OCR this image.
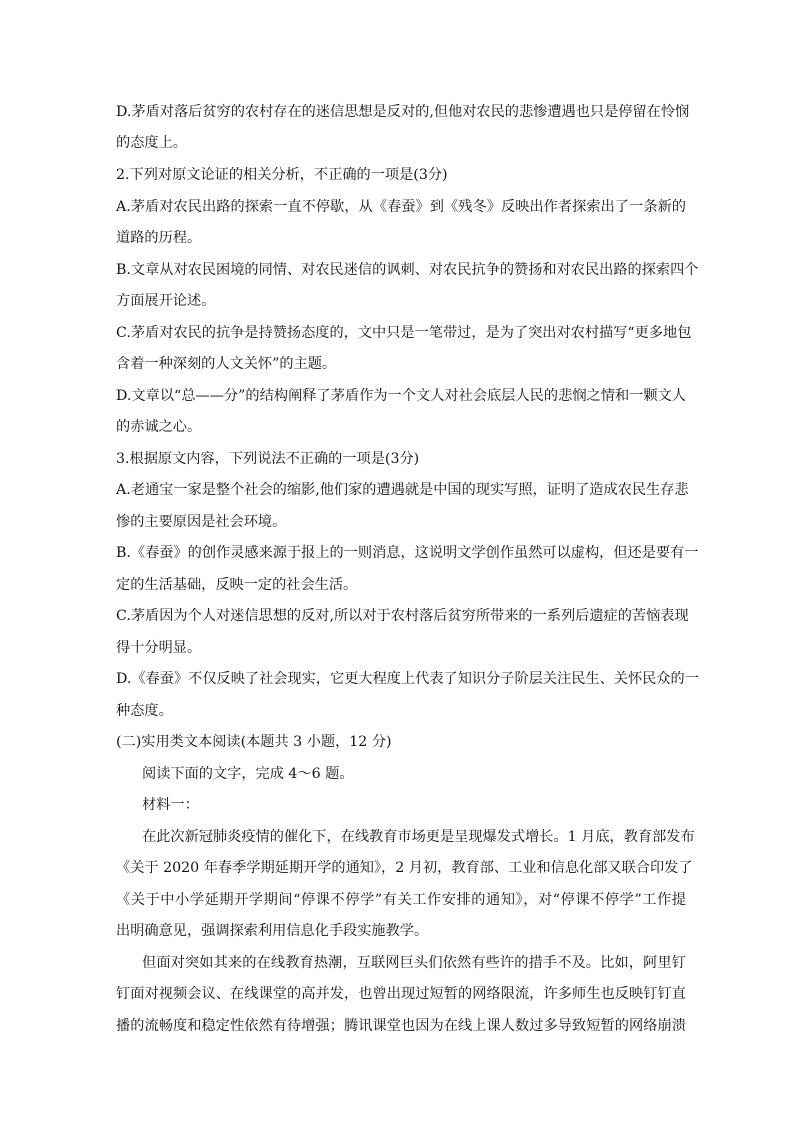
D.茅盾对落后贫穷的农村存在的迷信思想是反对的,但他对农民的悲惨遭遇也只是停留在怜悯
的态度上。
2.下列对原文论证的相关分析，不正确的一项是(3分)
A.茅盾对农民出路的探索一直不停歇，从《春蚕》到《残冬》反映出作者探索出了一条新的
道路的历程。
B.文章从对农民困境的同情、对农民迷信的讽刺、对农民抗争的赞扬和对农民出路的探索四个
方面展开论述。
C.茅盾对农民的抗争是持赞扬态度的，文中只是一笔带过，是为了突出对农村描写“更多地包
含着一种深刻的人文关怀”的主题。
D.文章以“总——分”的结构阐释了茅盾作为一个文人对社会底层人民的悲悯之情和一颗文人
的赤诚之心。
3.根据原文内容，下列说法不正确的一项是(3分)
A.老通宝一家是整个社会的缩影,他们家的遭遇就是中国的现实写照，证明了造成农民生存悲
惨的主要原因是社会环境。
B.《春蚕》的创作灵感来源于报上的一则消息，这说明文学创作虽然可以虚构，但还是要有一
定的生活基础，反映一定的社会生活。
C.茅盾因为个人对迷信思想的反对,所以对于农村落后贫穷所带来的一系列后遗症的苦恼表现
得十分明显。
D.《春蚕》不仅反映了社会现实，它更大程度上代表了知识分子阶层关注民生、关怀民众的一
种态度。
(二)实用类文本阅读(本题共 3 小题，12 分)
阅读下面的文字，完成 4～6 题。
材料一：
在此次新冠肺炎疫情的催化下，在线教育市场更是呈现爆发式增长。1 月底，教育部发布
《关于 2020 年春季学期延期开学的通知》，2 月初，教育部、工业和信息化部又联合印发了
《关于中小学延期开学期间“停课不停学”有关工作安排的通知》，对“停课不停学”工作提
出明确意见，强调探索利用信息化手段实施教学。
但面对突如其来的在线教育热潮，互联网巨头们依然有些许的措手不及。比如，阿里钉
钉面对视频会议、在线课堂的高并发，也曾出现过短暂的网络限流，许多师生也反映钉钉直
播的流畅度和稳定性依然有待增强；腾讯课堂也因为在线上课人数过多导致短暂的网络崩溃
